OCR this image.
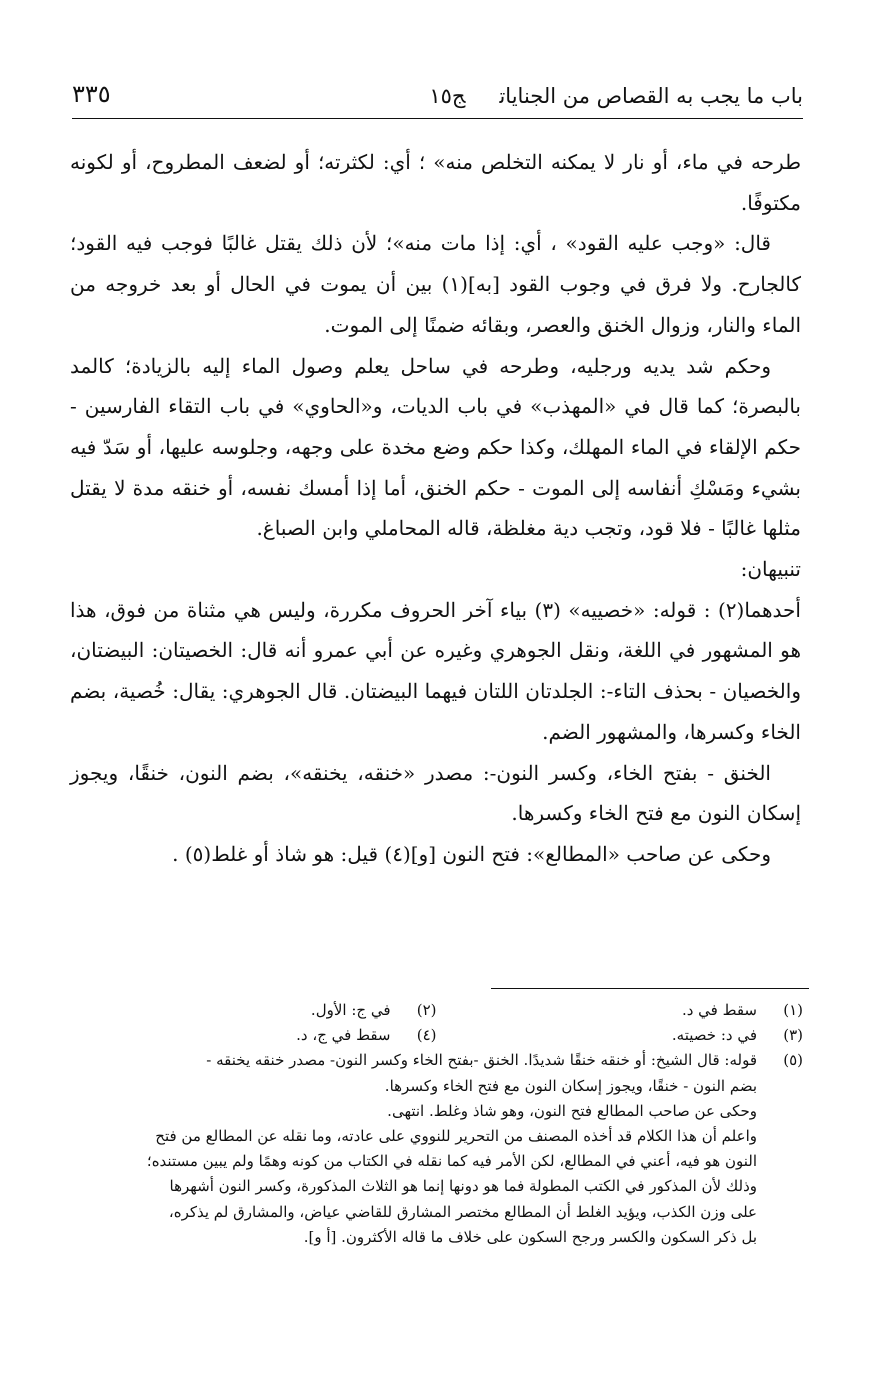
باب ما يجب به القصاص من الجناياتج١٥
٣٣٥

طرحه في ماء، أو نار لا يمكنه التخلص منه» ؛ أي: لكثرته؛ أو لضعف المطروح، أو لكونه مكتوفًا.

قال: «وجب عليه القود» ، أي: إذا مات منه»؛ لأن ذلك يقتل غالبًا فوجب فيه القود؛ كالجارح. ولا فرق في وجوب القود [به](١) بين أن يموت في الحال أو بعد خروجه من الماء والنار، وزوال الخنق والعصر، وبقائه ضمنًا إلى الموت.

وحكم شد يديه ورجليه، وطرحه في ساحل يعلم وصول الماء إليه بالزيادة؛ كالمد بالبصرة؛ كما قال في «المهذب» في باب الديات، و«الحاوي» في باب التقاء الفارسين - حكم الإلقاء في الماء المهلك، وكذا حكم وضع مخدة على وجهه، وجلوسه عليها، أو سَدّ فيه بشيء ومَسْكِ أنفاسه إلى الموت - حكم الخنق، أما إذا أمسك نفسه، أو خنقه مدة لا يقتل مثلها غالبًا - فلا قود، وتجب دية مغلظة، قاله المحاملي وابن الصباغ.

تنبيهان:

أحدهما(٢) : قوله: «خصييه» (٣) بياء آخر الحروف مكررة، وليس هي مثناة من فوق، هذا هو المشهور في اللغة، ونقل الجوهري وغيره عن أبي عمرو أنه قال: الخصيتان: البيضتان، والخصيان - بحذف التاء-: الجلدتان اللتان فيهما البيضتان. قال الجوهري: يقال: خُصية، بضم الخاء وكسرها، والمشهور الضم.

الخنق - بفتح الخاء، وكسر النون-: مصدر «خنقه، يخنقه»، بضم النون، خنقًا، ويجوز إسكان النون مع فتح الخاء وكسرها.

وحكى عن صاحب «المطالع»: فتح النون [و](٤) قيل: هو شاذ أو غلط(٥) .

(١)
سقط في د.
(٢)
في ج: الأول.
(٣)
في د: خصيته.
(٤)
سقط في ج، د.
(٥)
قوله: قال الشيخ: أو خنقه خنقًا شديدًا. الخنق -بفتح الخاء وكسر النون- مصدر خنقه يخنقه -
بضم النون - خنقًا، ويجوز إسكان النون مع فتح الخاء وكسرها.
وحكى عن صاحب المطالع فتح النون، وهو شاذ وغلط. انتهى.
واعلم أن هذا الكلام قد أخذه المصنف من التحرير للنووي على عادته، وما نقله عن المطالع من فتح
النون هو فيه، أعني في المطالع، لكن الأمر فيه كما نقله في الكتاب من كونه وهمًا ولم يبين مستنده؛
وذلك لأن المذكور في الكتب المطولة فما هو دونها إنما هو الثلاث المذكورة، وكسر النون أشهرها
على وزن الكذب، ويؤيد الغلط أن المطالع مختصر المشارق للقاضي عياض، والمشارق لم يذكره،
بل ذكر السكون والكسر ورجح السكون على خلاف ما قاله الأكثرون. [أ و].
